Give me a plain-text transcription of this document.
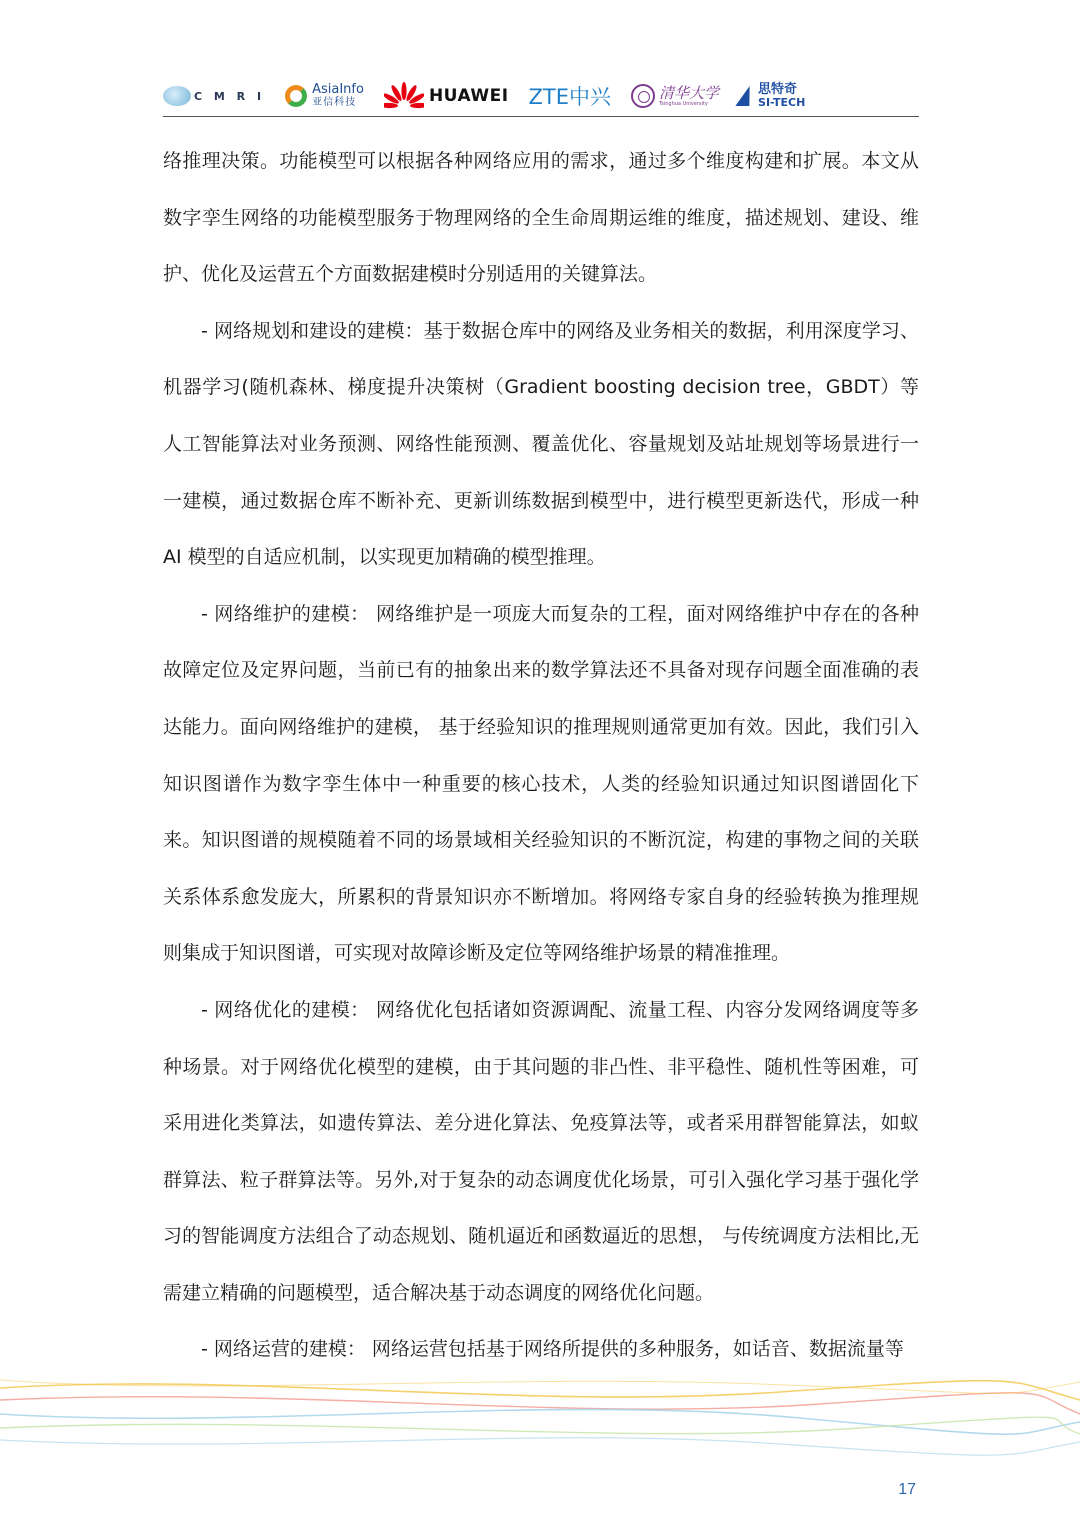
C M R I	AsiaInfo
亚信科技	HUAWEI ZTE中兴	清华大学
Tsinghua University
思特奇
SI-TECH

络推理决策。功能模型可以根据各种网络应用的需求，通过多个维度构建和扩展。本文从数字孪生网络的功能模型服务于物理网络的全生命周期运维的维度，描述规划、建设、维护、优化及运营五个方面数据建模时分别适用的关键算法。

- 网络规划和建设的建模：基于数据仓库中的网络及业务相关的数据，利用深度学习、机器学习(随机森林、梯度提升决策树（Gradient boosting decision tree，GBDT）等人工智能算法对业务预测、网络性能预测、覆盖优化、容量规划及站址规划等场景进行一一建模，通过数据仓库不断补充、更新训练数据到模型中，进行模型更新迭代，形成一种 AI 模型的自适应机制，以实现更加精确的模型推理。

- 网络维护的建模： 网络维护是一项庞大而复杂的工程，面对网络维护中存在的各种故障定位及定界问题，当前已有的抽象出来的数学算法还不具备对现存问题全面准确的表达能力。面向网络维护的建模， 基于经验知识的推理规则通常更加有效。因此，我们引入知识图谱作为数字孪生体中一种重要的核心技术，人类的经验知识通过知识图谱固化下来。知识图谱的规模随着不同的场景域相关经验知识的不断沉淀，构建的事物之间的关联关系体系愈发庞大，所累积的背景知识亦不断增加。将网络专家自身的经验转换为推理规则集成于知识图谱，可实现对故障诊断及定位等网络维护场景的精准推理。

- 网络优化的建模： 网络优化包括诸如资源调配、流量工程、内容分发网络调度等多种场景。对于网络优化模型的建模，由于其问题的非凸性、非平稳性、随机性等困难，可采用进化类算法，如遗传算法、差分进化算法、免疫算法等，或者采用群智能算法，如蚁群算法、粒子群算法等。另外,对于复杂的动态调度优化场景，可引入强化学习基于强化学习的智能调度方法组合了动态规划、随机逼近和函数逼近的思想， 与传统调度方法相比,无需建立精确的问题模型，适合解决基于动态调度的网络优化问题。

- 网络运营的建模： 网络运营包括基于网络所提供的多种服务，如话音、数据流量等

17
